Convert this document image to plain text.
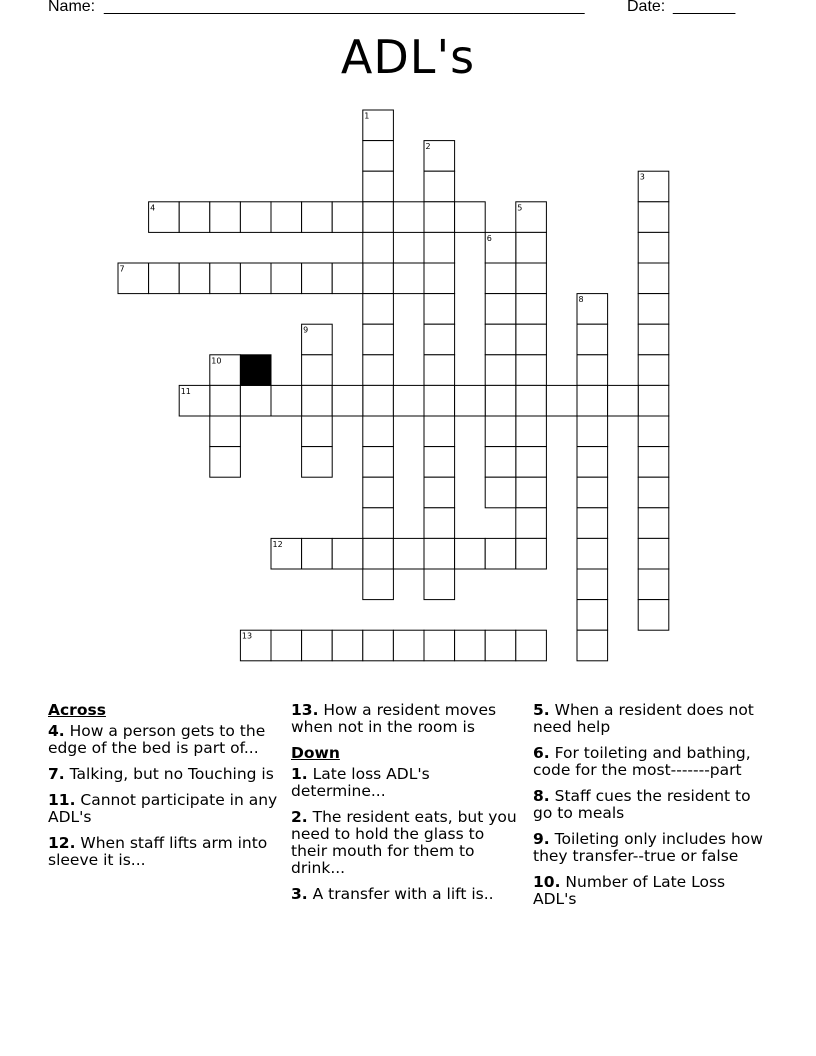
Name: ______________________________________________________	Date: _______
ADL's
1
2
3
4	5
6
7
8
9
10
11
12
13
Across
4. How a person gets to the edge of the bed is part of...
7. Talking, but no Touching is
11. Cannot participate in any ADL's
12. When staff lifts arm into sleeve it is...
13. How a resident moves when not in the room is
Down
1. Late loss ADL's determine...
2. The resident eats, but you need to hold the glass to their mouth for them to drink...
3. A transfer with a lift is..
5. When a resident does not need help
6. For toileting and bathing, code for the most-------part
8. Staff cues the resident to go to meals
9. Toileting only includes how they transfer--true or false
10. Number of Late Loss ADL's
